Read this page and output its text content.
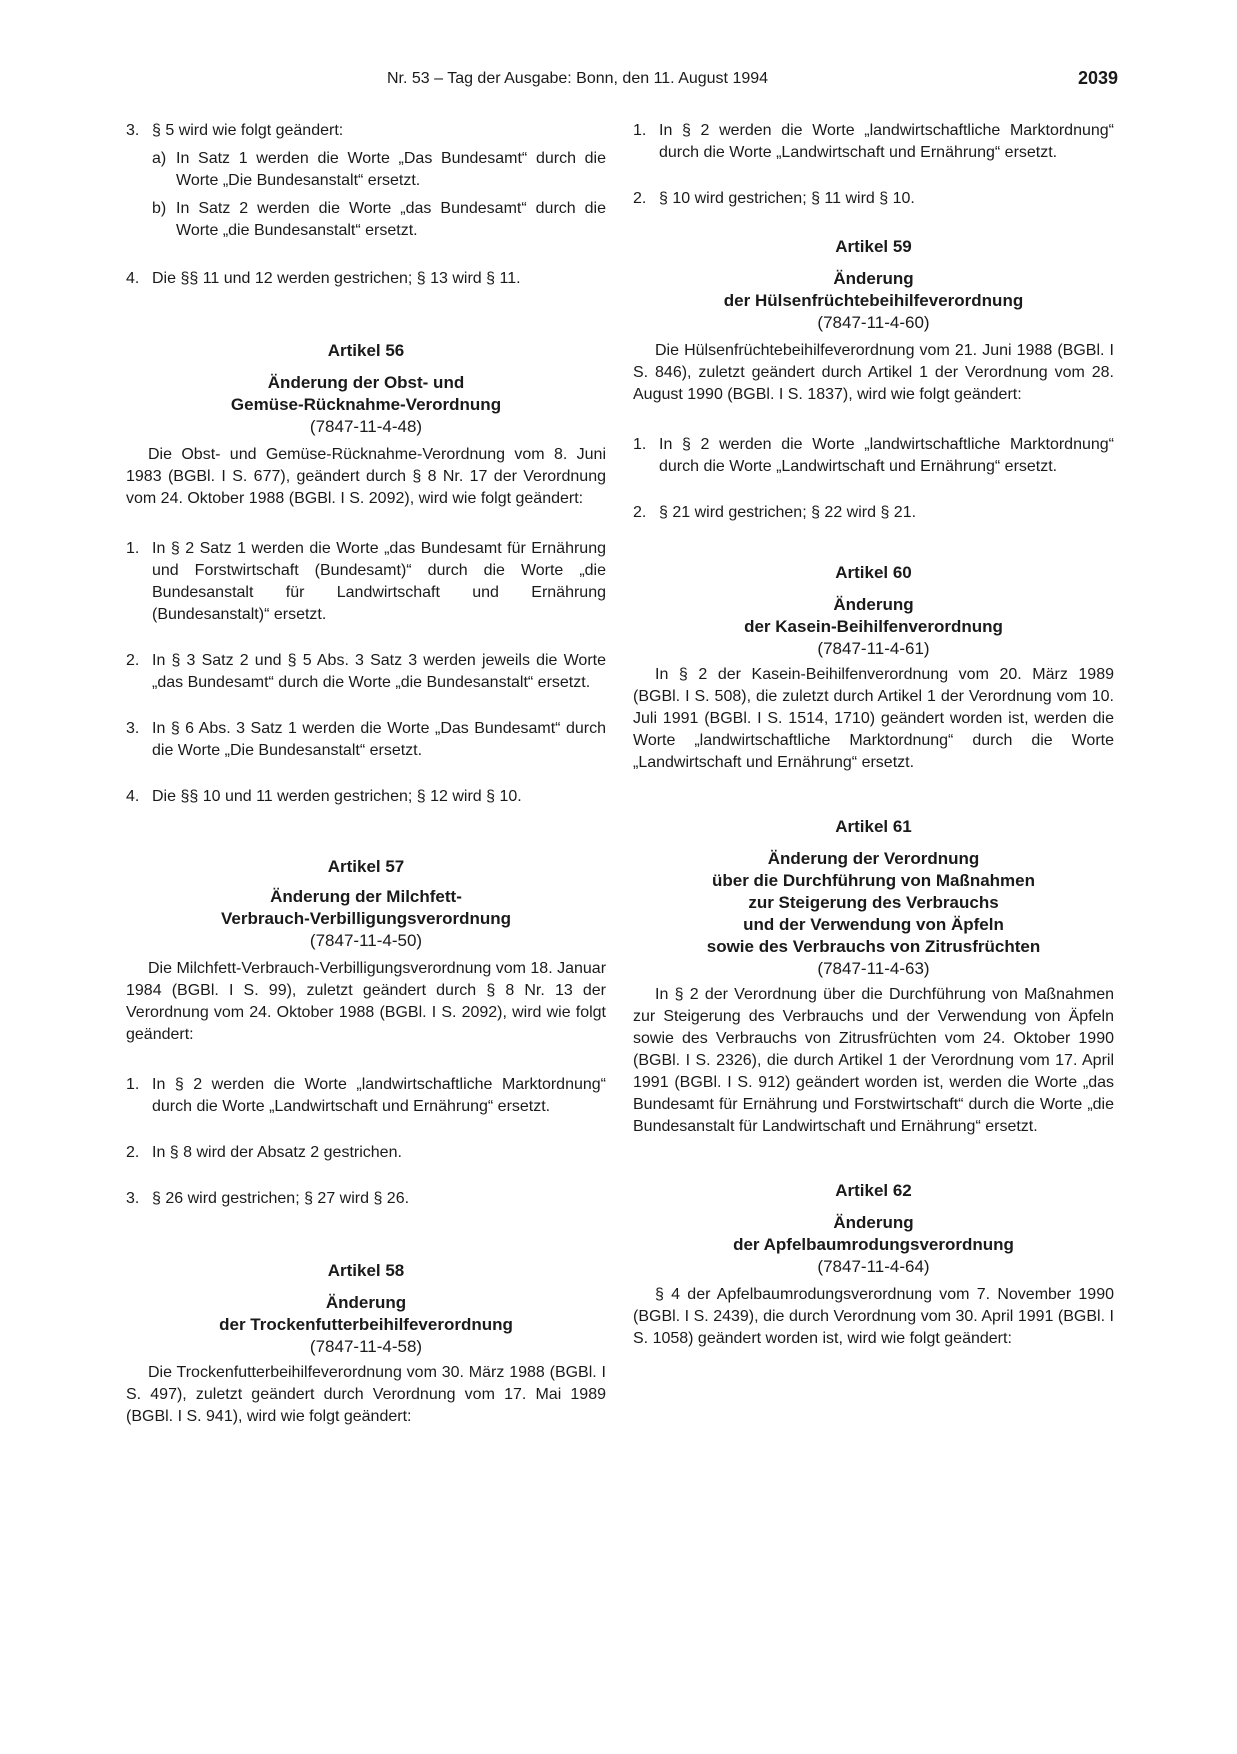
Nr. 53 – Tag der Ausgabe: Bonn, den 11. August 1994	2039
3. § 5 wird wie folgt geändert:
a) In Satz 1 werden die Worte „Das Bundesamt“ durch die Worte „Die Bundesanstalt“ ersetzt.
b) In Satz 2 werden die Worte „das Bundesamt“ durch die Worte „die Bundesanstalt“ ersetzt.
4. Die §§ 11 und 12 werden gestrichen; § 13 wird § 11.
Artikel 56
Änderung der Obst- und
Gemüse-Rücknahme-Verordnung
(7847-11-4-48)
Die Obst- und Gemüse-Rücknahme-Verordnung vom 8. Juni 1983 (BGBl. I S. 677), geändert durch § 8 Nr. 17 der Verordnung vom 24. Oktober 1988 (BGBl. I S. 2092), wird wie folgt geändert:
1. In § 2 Satz 1 werden die Worte „das Bundesamt für Ernährung und Forstwirtschaft (Bundesamt)“ durch die Worte „die Bundesanstalt für Landwirtschaft und Ernährung (Bundesanstalt)“ ersetzt.
2. In § 3 Satz 2 und § 5 Abs. 3 Satz 3 werden jeweils die Worte „das Bundesamt“ durch die Worte „die Bundesanstalt“ ersetzt.
3. In § 6 Abs. 3 Satz 1 werden die Worte „Das Bundesamt“ durch die Worte „Die Bundesanstalt“ ersetzt.
4. Die §§ 10 und 11 werden gestrichen; § 12 wird § 10.
Artikel 57
Änderung der Milchfett-
Verbrauch-Verbilligungsverordnung
(7847-11-4-50)
Die Milchfett-Verbrauch-Verbilligungsverordnung vom 18. Januar 1984 (BGBl. I S. 99), zuletzt geändert durch § 8 Nr. 13 der Verordnung vom 24. Oktober 1988 (BGBl. I S. 2092), wird wie folgt geändert:
1. In § 2 werden die Worte „landwirtschaftliche Marktordnung“ durch die Worte „Landwirtschaft und Ernährung“ ersetzt.
2. In § 8 wird der Absatz 2 gestrichen.
3. § 26 wird gestrichen; § 27 wird § 26.
Artikel 58
Änderung
der Trockenfutterbeihilfeverordnung
(7847-11-4-58)
Die Trockenfutterbeihilfeverordnung vom 30. März 1988 (BGBl. I S. 497), zuletzt geändert durch Verordnung vom 17. Mai 1989 (BGBl. I S. 941), wird wie folgt geändert:
1. In § 2 werden die Worte „landwirtschaftliche Marktordnung“ durch die Worte „Landwirtschaft und Ernährung“ ersetzt.
2. § 10 wird gestrichen; § 11 wird § 10.
Artikel 59
Änderung
der Hülsenfrüchtebeihilfeverordnung
(7847-11-4-60)
Die Hülsenfrüchtebeihilfeverordnung vom 21. Juni 1988 (BGBl. I S. 846), zuletzt geändert durch Artikel 1 der Verordnung vom 28. August 1990 (BGBl. I S. 1837), wird wie folgt geändert:
1. In § 2 werden die Worte „landwirtschaftliche Marktordnung“ durch die Worte „Landwirtschaft und Ernährung“ ersetzt.
2. § 21 wird gestrichen; § 22 wird § 21.
Artikel 60
Änderung
der Kasein-Beihilfenverordnung
(7847-11-4-61)
In § 2 der Kasein-Beihilfenverordnung vom 20. März 1989 (BGBl. I S. 508), die zuletzt durch Artikel 1 der Verordnung vom 10. Juli 1991 (BGBl. I S. 1514, 1710) geändert worden ist, werden die Worte „landwirtschaftliche Marktordnung“ durch die Worte „Landwirtschaft und Ernährung“ ersetzt.
Artikel 61
Änderung der Verordnung
über die Durchführung von Maßnahmen
zur Steigerung des Verbrauchs
und der Verwendung von Äpfeln
sowie des Verbrauchs von Zitrusfrüchten
(7847-11-4-63)
In § 2 der Verordnung über die Durchführung von Maßnahmen zur Steigerung des Verbrauchs und der Verwendung von Äpfeln sowie des Verbrauchs von Zitrusfrüchten vom 24. Oktober 1990 (BGBl. I S. 2326), die durch Artikel 1 der Verordnung vom 17. April 1991 (BGBl. I S. 912) geändert worden ist, werden die Worte „das Bundesamt für Ernährung und Forstwirtschaft“ durch die Worte „die Bundesanstalt für Landwirtschaft und Ernährung“ ersetzt.
Artikel 62
Änderung
der Apfelbaumrodungsverordnung
(7847-11-4-64)
§ 4 der Apfelbaumrodungsverordnung vom 7. November 1990 (BGBl. I S. 2439), die durch Verordnung vom 30. April 1991 (BGBl. I S. 1058) geändert worden ist, wird wie folgt geändert:
